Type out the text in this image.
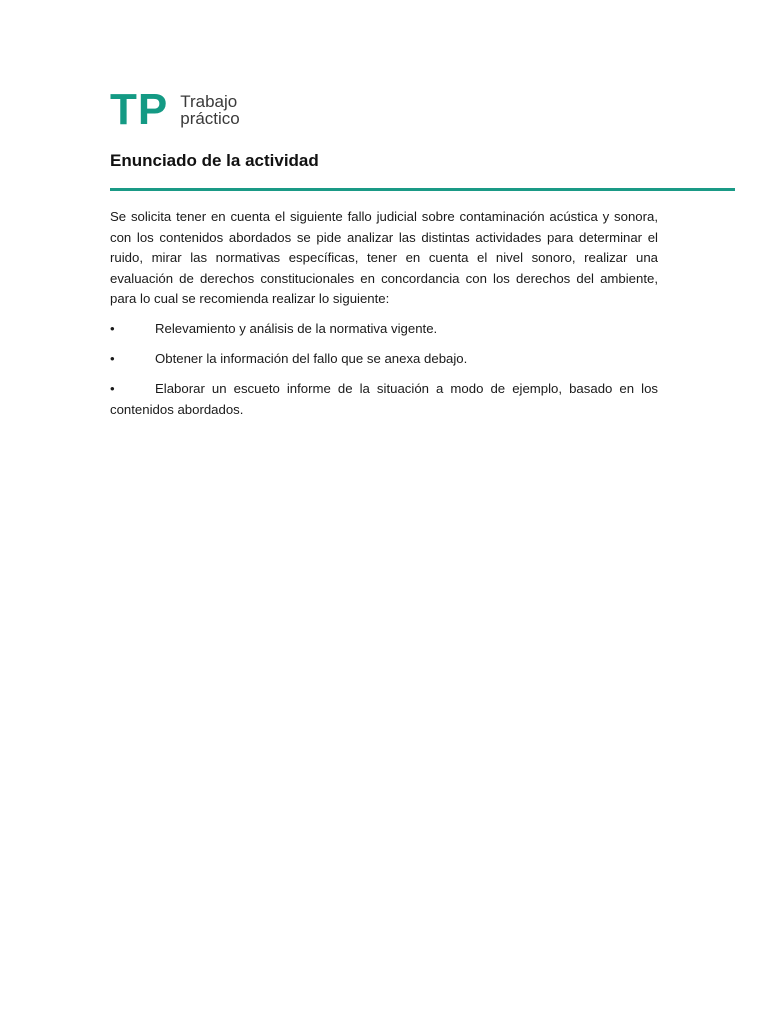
TP Trabajo
práctico
Enunciado de la actividad

Se solicita tener en cuenta el siguiente fallo judicial sobre contaminación acústica y sonora, con los contenidos abordados se pide analizar las distintas actividades para determinar el ruido, mirar las normativas específicas, tener en cuenta el nivel sonoro, realizar una evaluación de derechos constitucionales en concordancia con los derechos del ambiente, para lo cual se recomienda realizar lo siguiente:

•	Relevamiento y análisis de la normativa vigente.
•	Obtener la información del fallo que se anexa debajo.
•	Elaborar un escueto informe de la situación a modo de ejemplo, basado en los contenidos abordados.
